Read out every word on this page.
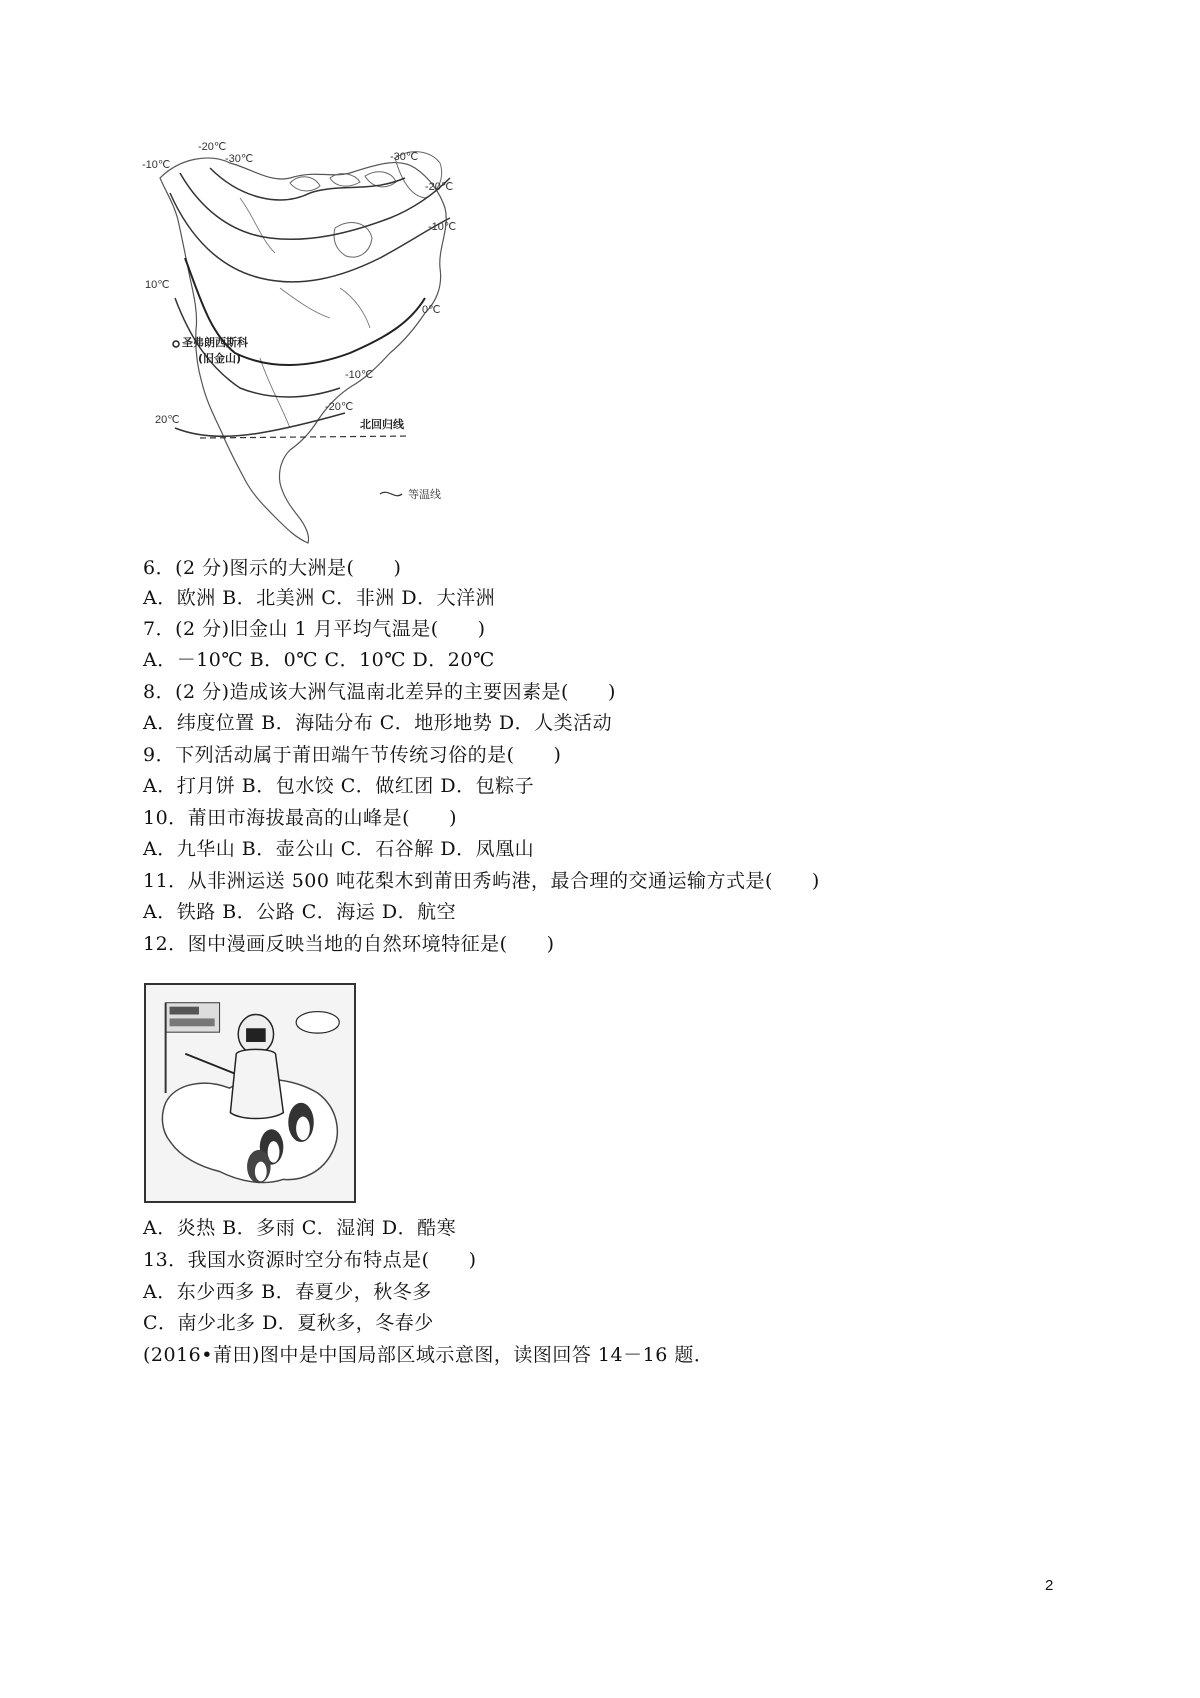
-20℃
-10℃	-30℃	-30℃
-20℃
-10℃
10℃
0℃
圣弗朗西斯科
(旧金山)
-10℃
20℃
-20℃
北回归线
等温线
6．(2 分)图示的大洲是(　　)
A．欧洲 B．北美洲 C．非洲 D．大洋洲
7．(2 分)旧金山 1 月平均气温是(　　)
A．－10℃ B．0℃ C．10℃ D．20℃
8．(2 分)造成该大洲气温南北差异的主要因素是(　　)
A．纬度位置 B．海陆分布 C．地形地势 D．人类活动
9．下列活动属于莆田端午节传统习俗的是(　　)
A．打月饼 B．包水饺 C．做红团 D．包粽子
10．莆田市海拔最高的山峰是(　　)
A．九华山 B．壶公山 C．石谷解 D．凤凰山
11．从非洲运送 500 吨花梨木到莆田秀屿港，最合理的交通运输方式是(　　)
A．铁路 B．公路 C．海运 D．航空
12．图中漫画反映当地的自然环境特征是(　　)
A．炎热 B．多雨 C．湿润 D．酷寒
13．我国水资源时空分布特点是(　　)
A．东少西多 B．春夏少，秋冬多
C．南少北多 D．夏秋多，冬春少
(2016•莆田)图中是中国局部区域示意图，读图回答 14－16 题．
2
